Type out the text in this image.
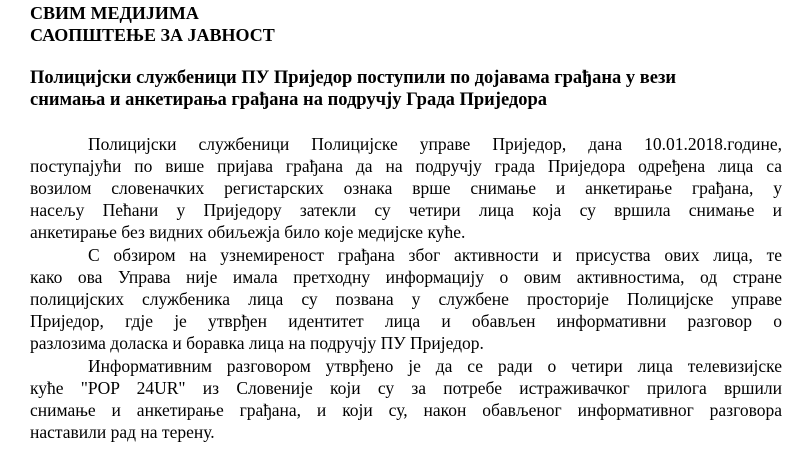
СВИМ МЕДИЈИМА
САОПШТЕЊЕ ЗА ЈАВНОСТ
Полицијски службеници ПУ Приједор поступили по дојавама грађана у вези
снимања и анкетирања грађана на подручју Града Приједора
Полицијски службеници Полицијске управе Приједор, дана 10.01.2018.године,
поступајући по више пријава грађана да на подручју града Приједора одређена лица са
возилом словеначких регистарских ознака врше снимање и анкетирање грађана, у
насељу Пећани у Приједору затекли су четири лица која су вршила снимање и
анкетирање без видних обиљежја било које медијске куће.
С обзиром на узнемиреност грађана због активности и присуства ових лица, те
како ова Управа није имала претходну информацију о овим активностима, од стране
полицијских службеника лица су позвана у службене просторије Полицијске управе
Приједор, гдје је утврђен идентитет лица и обављен информативни разговор о
разлозима доласка и боравка лица на подручју ПУ Приједор.
Информативним разговором утврђено је да се ради о четири лица телевизијске
куће "POP 24UR" из Словеније који су за потребе истраживачког прилога вршили
снимање и анкетирање грађана, и који су, након обављеног информативног разговора
наставили рад на терену.
